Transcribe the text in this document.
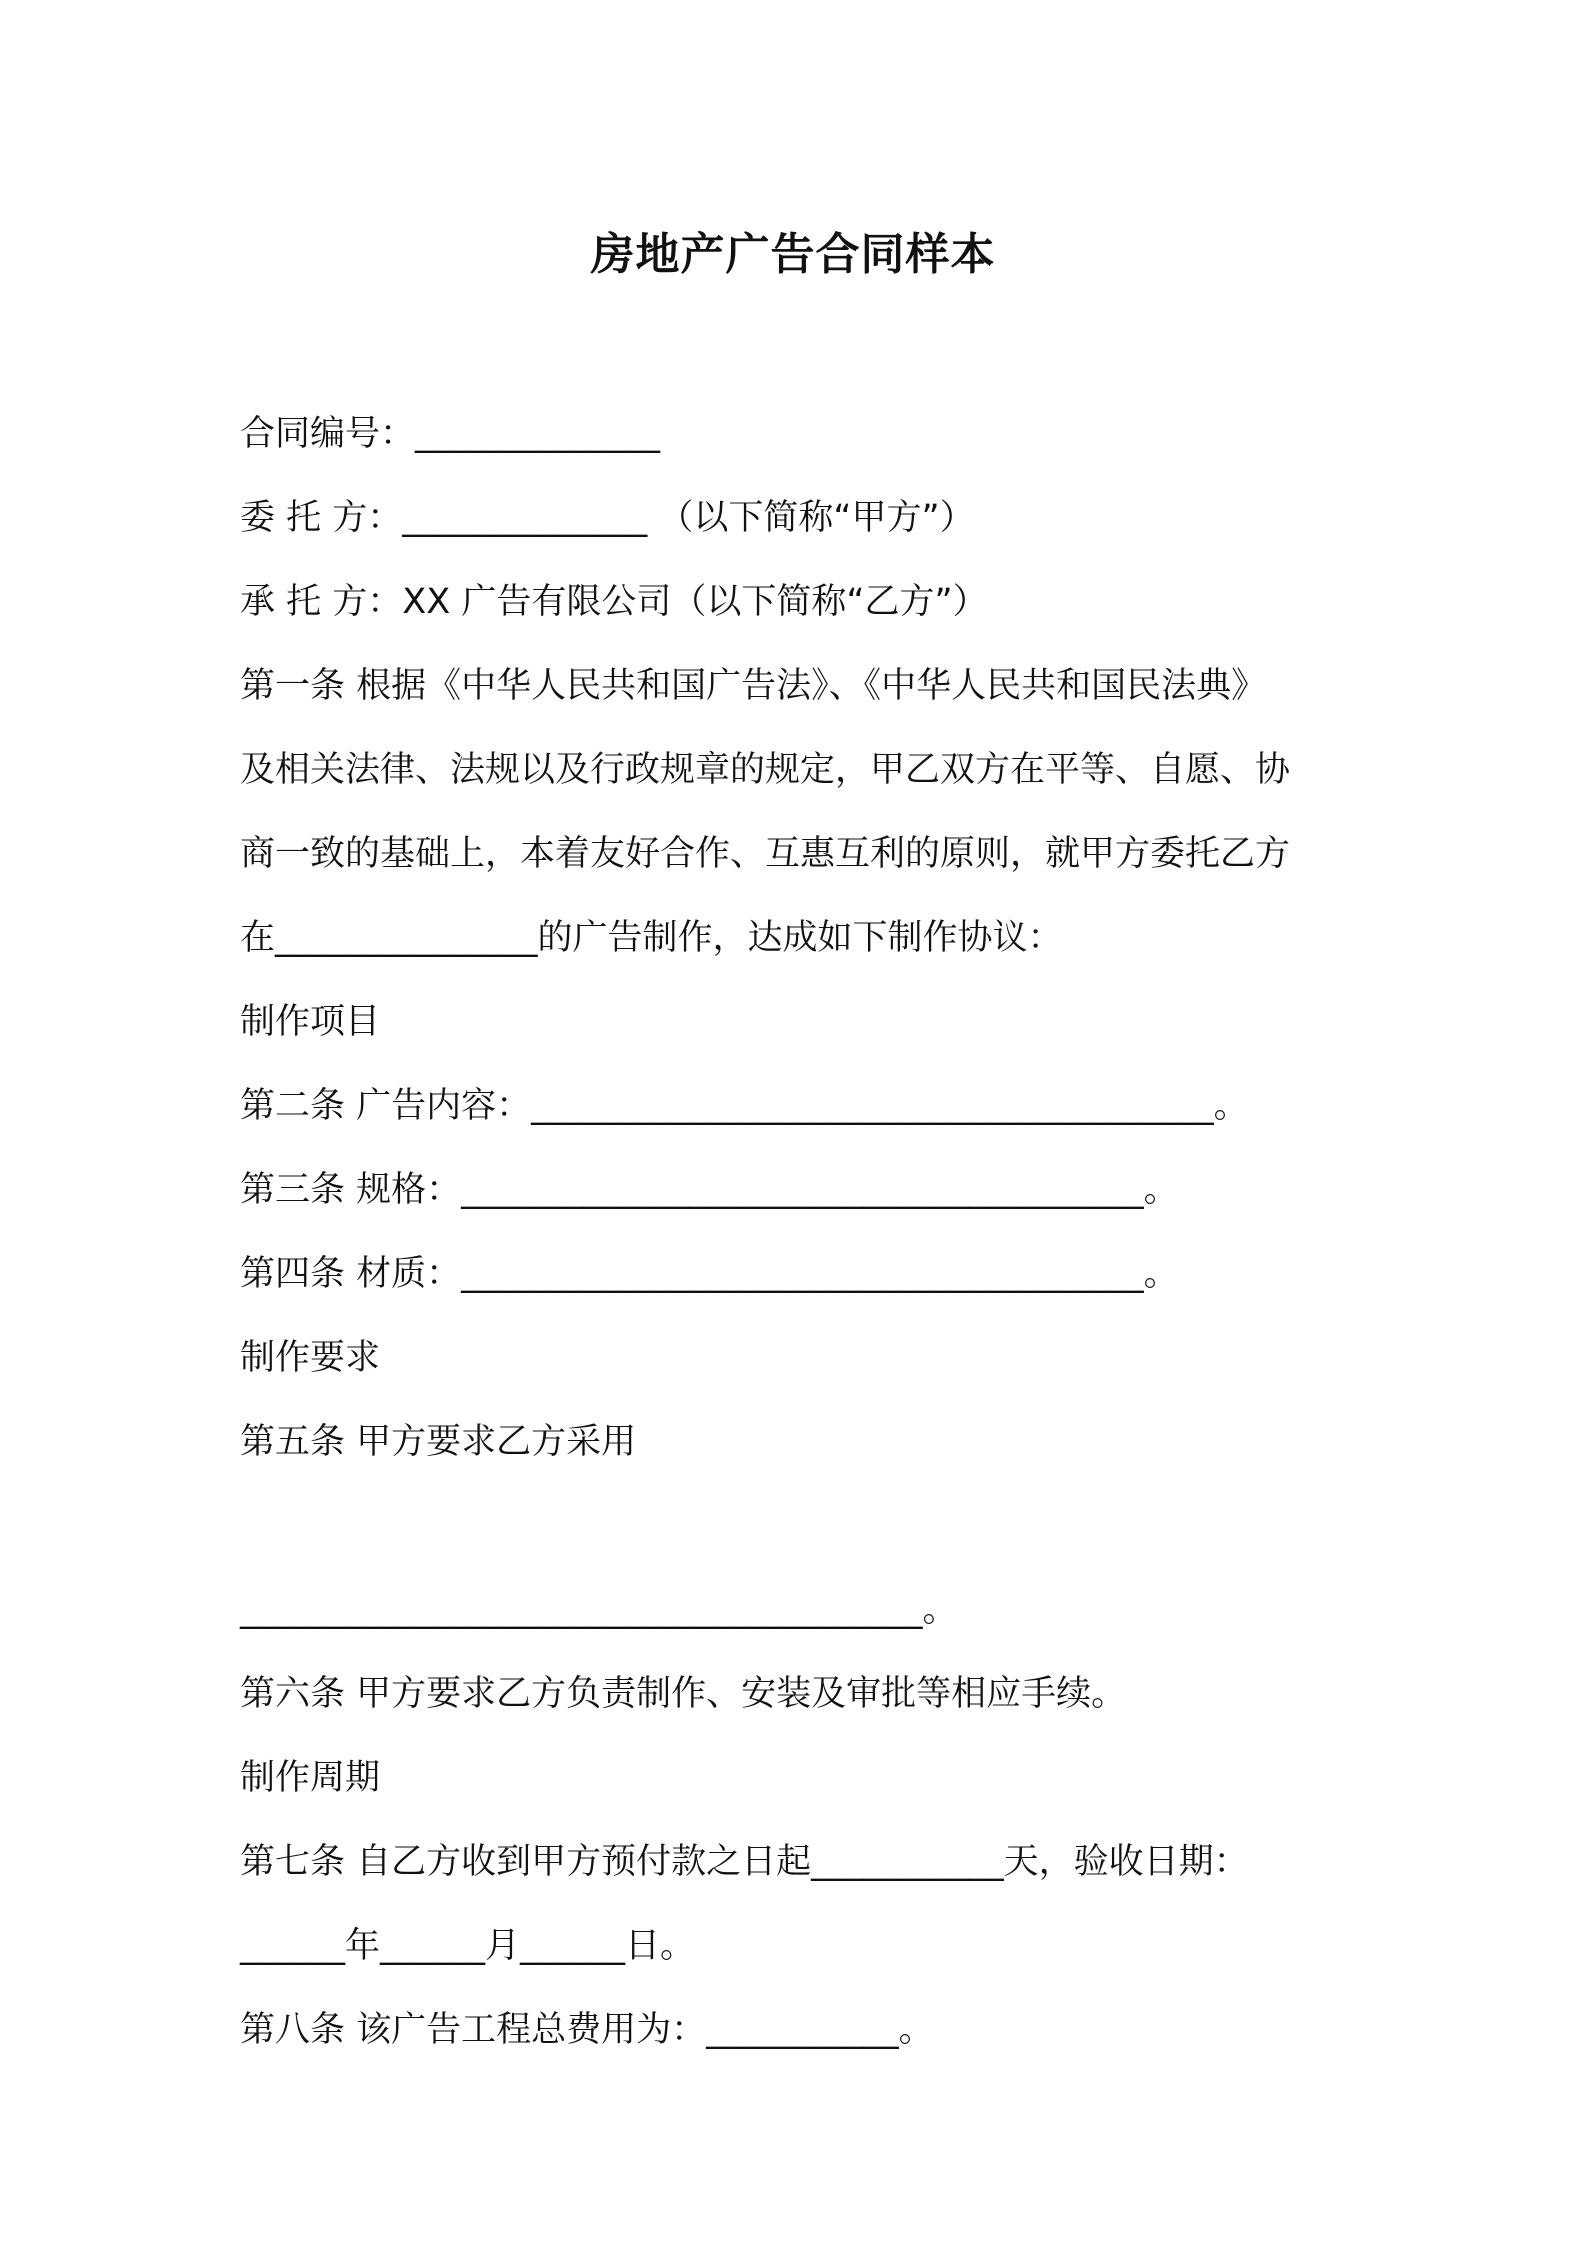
房地产广告合同样本
合同编号：______________
委 托 方：______________ （以下简称“甲方”）
承 托 方：XX 广告有限公司（以下简称“乙方”）
第一条 根据《中华人民共和国广告法》、《中华人民共和国民法典》
及相关法律、法规以及行政规章的规定，甲乙双方在平等、自愿、协
商一致的基础上，本着友好合作、互惠互利的原则，就甲方委托乙方
在_______________的广告制作，达成如下制作协议：
制作项目
第二条 广告内容：_______________________________________。
第三条 规格：_______________________________________。
第四条 材质：_______________________________________。
制作要求
第五条 甲方要求乙方采用
_______________________________________。
第六条 甲方要求乙方负责制作、安装及审批等相应手续。
制作周期
第七条 自乙方收到甲方预付款之日起___________天，验收日期：
______年______月______日。
第八条 该广告工程总费用为：___________。
